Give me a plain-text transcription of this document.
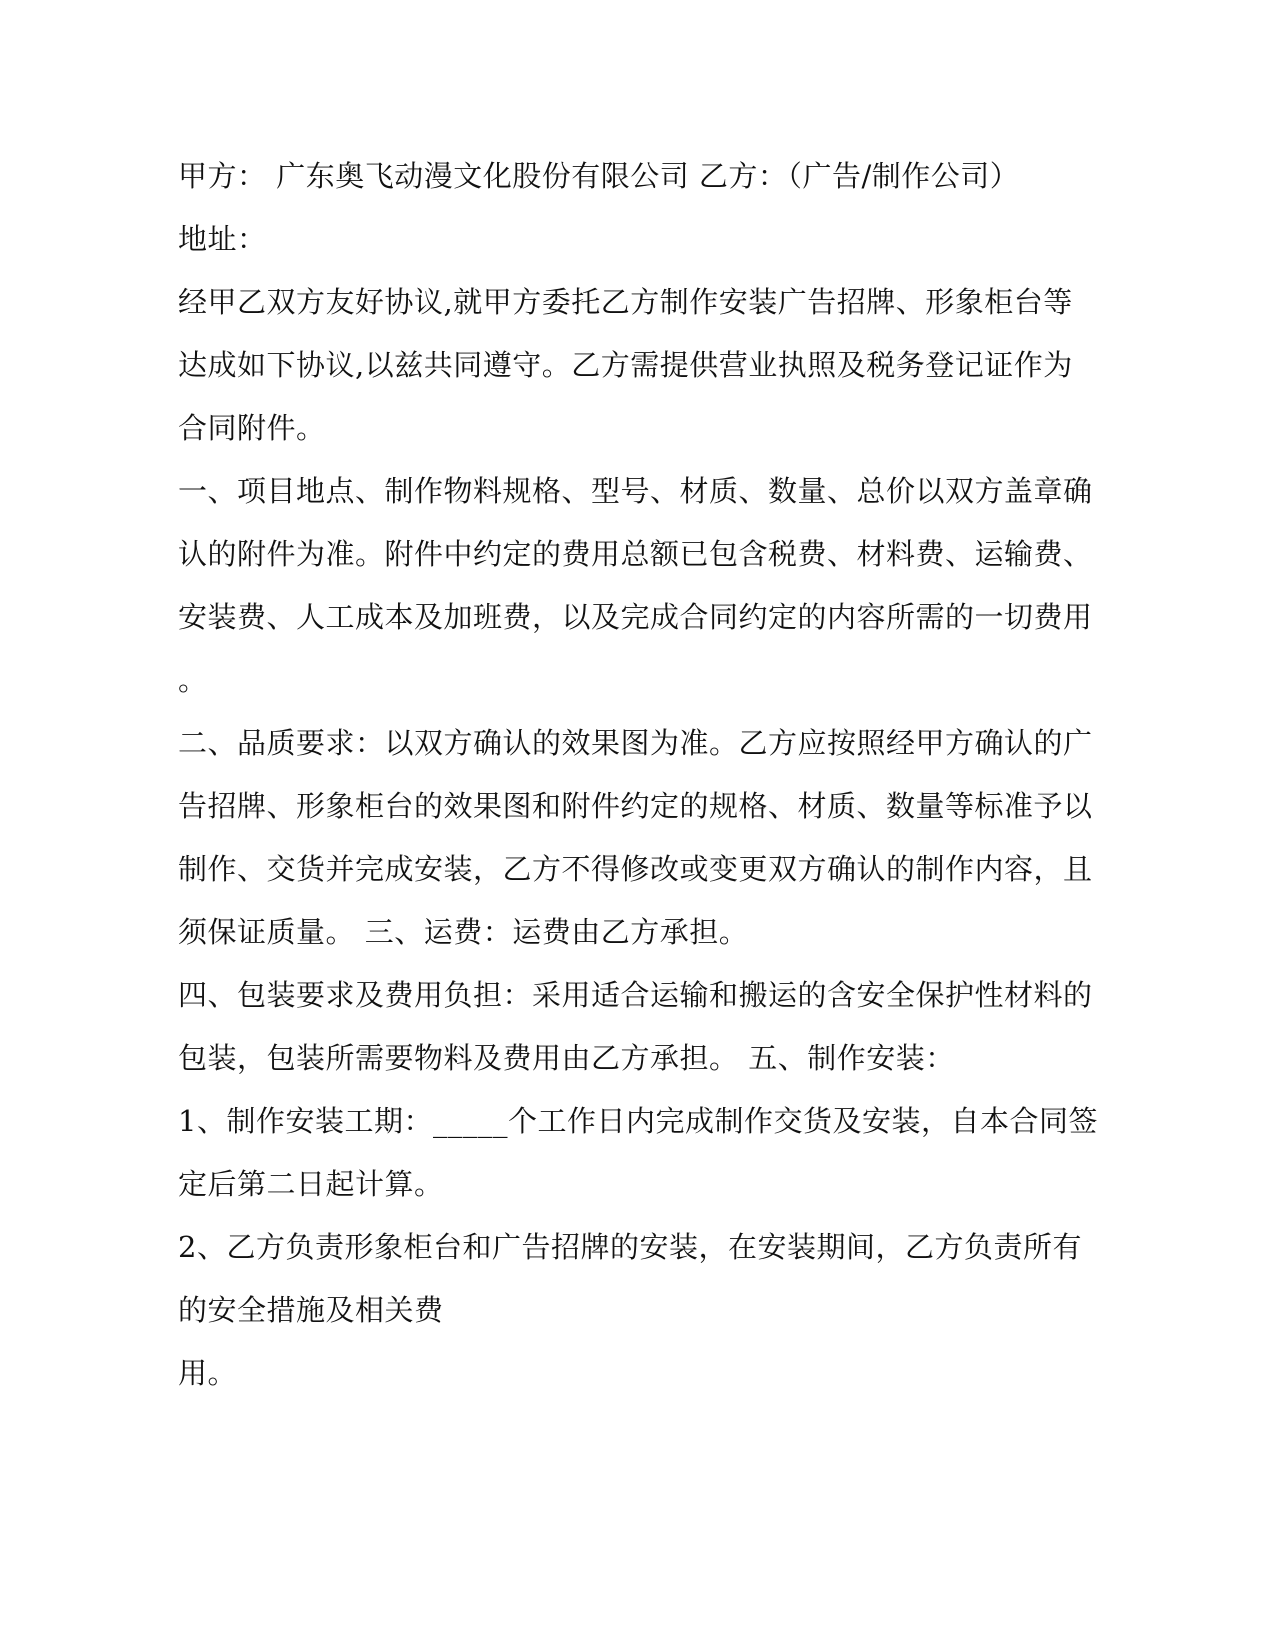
甲方： 广东奥飞动漫文化股份有限公司 乙方：（广告/制作公司）
地址：
经甲乙双方友好协议,就甲方委托乙方制作安装广告招牌、形象柜台等
达成如下协议,以兹共同遵守。乙方需提供营业执照及税务登记证作为
合同附件。
一、项目地点、制作物料规格、型号、材质、数量、总价以双方盖章确
认的附件为准。附件中约定的费用总额已包含税费、材料费、运输费、
安装费、人工成本及加班费，以及完成合同约定的内容所需的一切费用
。
二、品质要求：以双方确认的效果图为准。乙方应按照经甲方确认的广
告招牌、形象柜台的效果图和附件约定的规格、材质、数量等标准予以
制作、交货并完成安装，乙方不得修改或变更双方确认的制作内容，且
须保证质量。 三、运费：运费由乙方承担。
四、包装要求及费用负担：采用适合运输和搬运的含安全保护性材料的
包装，包装所需要物料及费用由乙方承担。 五、制作安装：
1、制作安装工期：_____个工作日内完成制作交货及安装，自本合同签
定后第二日起计算。
2、乙方负责形象柜台和广告招牌的安装，在安装期间，乙方负责所有
的安全措施及相关费
用。
